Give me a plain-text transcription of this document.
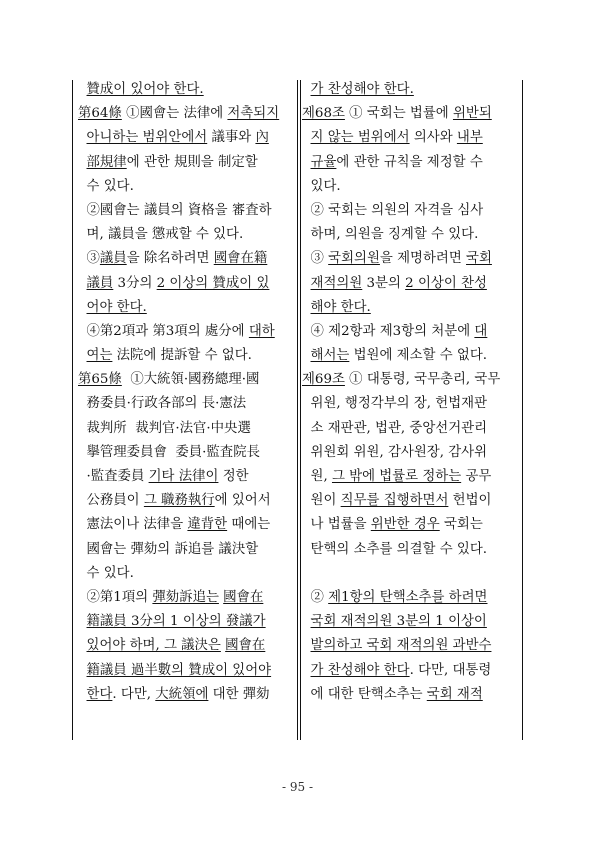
贊成이 있어야 한다.
第64條 ①國會는 法律에 저촉되지
아니하는 범위안에서 議事와 內
部規律에 관한 規則을 制定할
수 있다.
②國會는 議員의 資格을 審査하
며, 議員을 懲戒할 수 있다.
③議員을 除名하려면 國會在籍
議員 3分의 2 이상의 贊成이 있
어야 한다.
④第2項과 第3項의 處分에 대하
여는 法院에 提訴할 수 없다.
第65條  ①大統領·國務總理·國
務委員·行政各部의 長·憲法
裁判所  裁判官·法官·中央選
擧管理委員會  委員·監査院長
·監査委員 기타 法律이 정한
公務員이 그 職務執行에 있어서
憲法이나 法律을 違背한 때에는
國會는 彈劾의 訴追를 議決할
수 있다.
②第1項의 彈劾訴追는 國會在
籍議員 3分의 1 이상의 發議가
있어야 하며, 그 議決은 國會在
籍議員 過半數의 贊成이 있어야
한다. 다만, 大統領에 대한 彈劾
가 찬성해야 한다.
제68조 ① 국회는 법률에 위반되
지 않는 범위에서 의사와 내부
규율에 관한 규칙을 제정할 수
있다.
② 국회는 의원의 자격을 심사
하며, 의원을 징계할 수 있다.
③ 국회의원을 제명하려면 국회
재적의원 3분의 2 이상이 찬성
해야 한다.
④ 제2항과 제3항의 처분에 대
해서는 법원에 제소할 수 없다.
제69조 ① 대통령, 국무총리, 국무
위원, 행정각부의 장, 헌법재판
소 재판관, 법관, 중앙선거관리
위원회 위원, 감사원장, 감사위
원, 그 밖에 법률로 정하는 공무
원이 직무를 집행하면서 헌법이
나 법률을 위반한 경우 국회는
탄핵의 소추를 의결할 수 있다.
② 제1항의 탄핵소추를 하려면
국회 재적의원 3분의 1 이상이
발의하고 국회 재적의원 과반수
가 찬성해야 한다. 다만, 대통령
에 대한 탄핵소추는 국회 재적
- 95 -
